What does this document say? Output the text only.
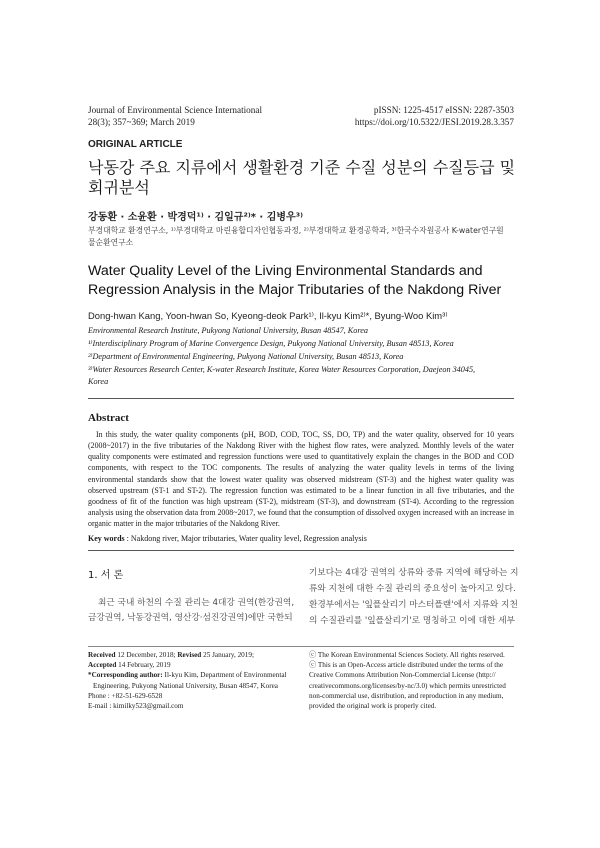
Journal of Environmental Science International
28(3); 357~369; March 2019
pISSN: 1225-4517 eISSN: 2287-3503
https://doi.org/10.5322/JESI.2019.28.3.357
ORIGINAL ARTICLE
낙동강 주요 지류에서 생활환경 기준 수질 성분의 수질등급 및
회귀분석
강동환 · 소윤환 · 박경덕¹⁾ · 김일규²⁾* · 김병우³⁾
부경대학교 환경연구소, ¹⁾부경대학교 마린융합디자인협동과정, ²⁾부경대학교 환경공학과, ³⁾한국수자원공사 K-water연구원
물순환연구소
Water Quality Level of the Living Environmental Standards and
Regression Analysis in the Major Tributaries of the Nakdong River
Dong-hwan Kang, Yoon-hwan So, Kyeong-deok Park¹⁾, Il-kyu Kim²⁾*, Byung-Woo Kim³⁾
Environmental Research Institute, Pukyong National University, Busan 48547, Korea
¹⁾Interdisciplinary Program of Marine Convergence Design, Pukyong National University, Busan 48513, Korea
²⁾Department of Environmental Engineering, Pukyong National University, Busan 48513, Korea
³⁾Water Resources Research Center, K-water Research Institute, Korea Water Resources Corporation, Daejeon 34045,
Korea
Abstract

In this study, the water quality components (pH, BOD, COD, TOC, SS, DO, TP) and the water quality, observed for 10 years (2008~2017) in the five tributaries of the Nakdong River with the highest flow rates, were analyzed. Monthly levels of the water quality components were estimated and regression functions were used to quantitatively explain the changes in the BOD and COD components, with respect to the TOC components. The results of analyzing the water quality levels in terms of the living environmental standards show that the lowest water quality was observed midstream (ST-3) and the highest water quality was observed upstream (ST-1 and ST-2). The regression function was estimated to be a linear function in all five tributaries, and the goodness of fit of the function was high upstream (ST-2), midstream (ST-3), and downstream (ST-4). According to the regression analysis using the observation data from 2008~2017, we found that the consumption of dissolved oxygen increased with an increase in organic matter in the major tributaries of the Nakdong River.

Key words : Nakdong river, Major tributaries, Water quality level, Regression analysis
1. 서 론
최근 국내 하천의 수질 관리는 4대강 권역(한강권역,
금강권역, 낙동강권역, 영산강·섬진강권역)에만 국한되
기보다는 4대강 권역의 상류와 중류 지역에 해당하는 지
류와 지천에 대한 수질 관리의 중요성이 높아지고 있다.
환경부에서는 '잎플살리기 마스터플랜'에서 지류와 지천
의 수질관리를 '잎플살리기'로 명칭하고 이에 대한 세부
Received 12 December, 2018; Revised 25 January, 2019;
Accepted 14 February, 2019
*Corresponding author: Il-kyu Kim, Department of Environmental
Engineering, Pukyong National University, Busan 48547, Korea
Phone : +82-51-629-6528
E-mail : kimilky523@gmail.com
ⓒ The Korean Environmental Sciences Society. All rights reserved.
ⓒ This is an Open-Access article distributed under the terms of the
Creative Commons Attribution Non-Commercial License (http://
creativecommons.org/licenses/by-nc/3.0) which permits unrestricted
non-commercial use, distribution, and reproduction in any medium,
provided the original work is properly cited.
